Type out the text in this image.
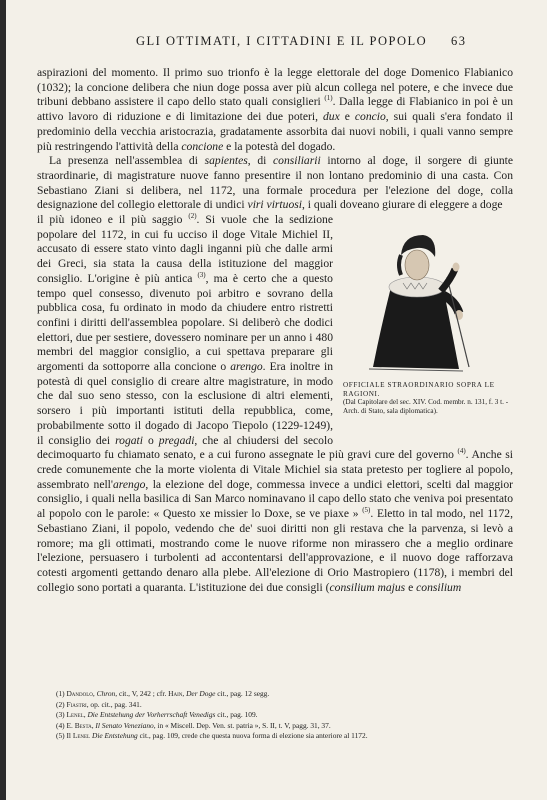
GLI OTTIMATI, I CITTADINI E IL POPOLO 63

aspirazioni del momento. Il primo suo trionfo è la legge elettorale del doge Domenico Flabianico (1032); la concione delibera che niun doge possa aver più alcun collega nel potere, e che invece due tribuni debbano assistere il capo dello stato quali consiglieri $^{(1)}$. Dalla legge di Flabianico in poi è un attivo lavoro di riduzione e di limitazione dei due poteri, dux e concio, sui quali s'era fondato il predominio della vecchia aristocrazia, gradatamente assorbita dai nuovi nobili, i quali vanno sempre più restringendo l'attività della concione e la potestà del dogado.

La presenza nell'assemblea di sapientes, di consiliarii intorno al doge, il sorgere di giunte straordinarie, di magistrature nuove fanno presentire il non lontano predominio di una casta. Con Sebastiano Ziani si delibera, nel 1172, una formale procedura per l'elezione del doge, colla designazione del collegio elettorale di undici viri virtuosi, i quali doveano giurare di eleggere a doge

OFFICIALE STRAORDINARIO SOPRA LE RAGIONI.
(Dal Capitolare del sec. XIV. Cod. membr. n. 131, f. 3 t. - Arch. di Stato, sala diplomatica).

il più idoneo e il più saggio $^{(2)}$. Si vuole che la sedizione popolare del 1172, in cui fu ucciso il doge Vitale Michiel II, accusato di essere stato vinto dagli inganni più che dalle armi dei Greci, sia stata la causa della istituzione del maggior consiglio. L'origine è più antica $^{(3)}$, ma è certo che a questo tempo quel consesso, divenuto poi arbitro e sovrano della pubblica cosa, fu ordinato in modo da chiudere entro ristretti confini i diritti dell'assemblea popolare. Si deliberò che dodici elettori, due per sestiere, dovessero nominare per un anno i 480 membri del maggior consiglio, a cui spettava preparare gli argomenti da sottoporre alla concione o arengo. Era inoltre in potestà di quel consiglio di creare altre magistrature, in modo che dal suo seno stesso, con la esclusione di altri elementi, sorsero i più importanti istituti della repubblica, come, probabilmente sotto il dogado di Jacopo Tiepolo (1229-1249), il consiglio dei rogati o pregadi, che al chiudersi del secolo decimoquarto fu chiamato senato, e a cui furono assegnate le più gravi cure del governo $^{(4)}$. Anche si crede comunemente che la morte violenta di Vitale Michiel sia stata pretesto per togliere al popolo, assembrato nell'arengo, la elezione del doge, commessa invece a undici elettori, scelti dal maggior consiglio, i quali nella basilica di San Marco nominavano il capo dello stato che veniva poi presentato al popolo con le parole: « Questo xe missier lo Doxe, se ve piaxe » $^{(5)}$. Eletto in tal modo, nel 1172, Sebastiano Ziani, il popolo, vedendo che de' suoi diritti non gli restava che la parvenza, si levò a romore; ma gli ottimati, mostrando come le nuove riforme non mirassero che a meglio ordinare l'elezione, persuasero i turbolenti ad accontentarsi dell'approvazione, e il nuovo doge rafforzava cotesti argomenti gettando denaro alla plebe. All'elezione di Orio Mastropiero (1178), i membri del collegio sono portati a quaranta. L'istituzione dei due consigli (consilium majus e consilium

(1) Dandolo, Chron, cit., V, 242 ; cfr. Hain, Der Doge cit., pag. 12 segg.
(2) Fiastri, op. cit., pag. 341.
(3) Lenel, Die Entstehung der Vorherrschaft Venedigs cit., pag. 109.
(4) E. Besta, Il Senato Veneziano, in « Miscell. Dep. Ven. st. patria », S. II, t. V, pagg. 31, 37.
(5) Il Lenel Die Entstehung cit., pag. 109, crede che questa nuova forma di elezione sia anteriore al 1172.
